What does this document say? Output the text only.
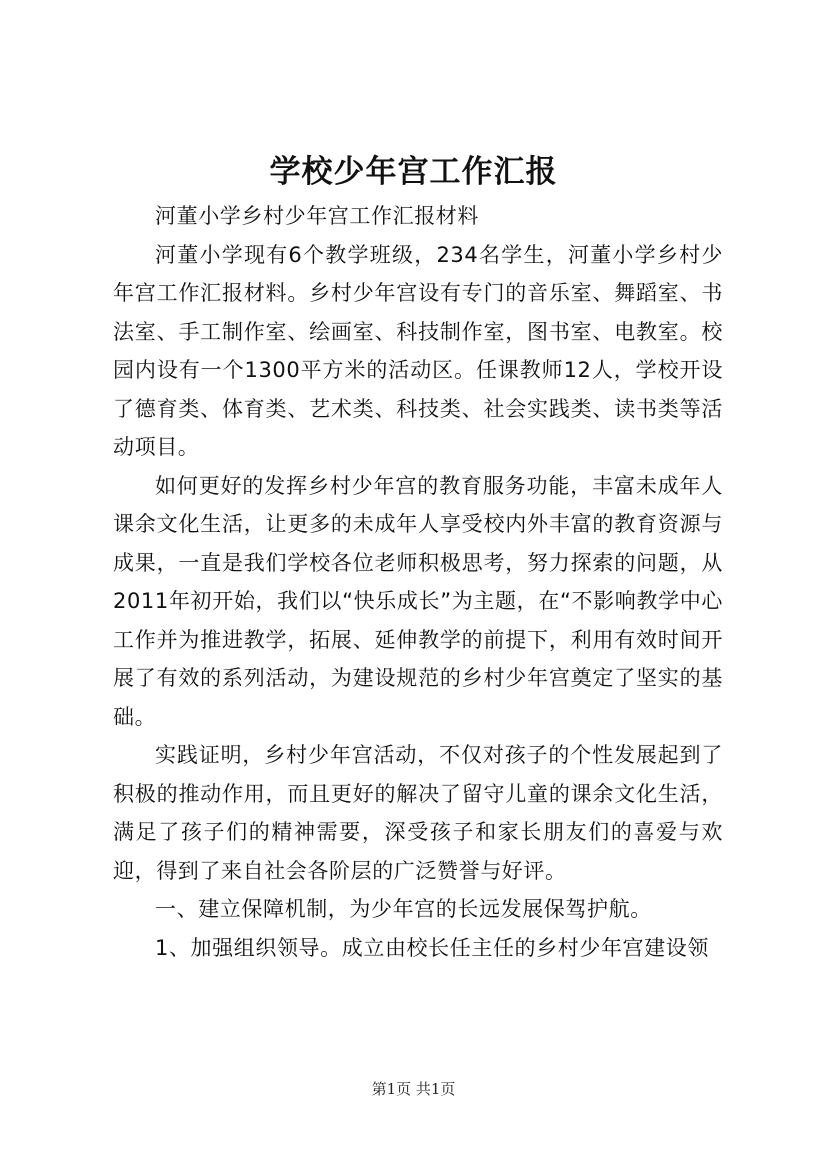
学校少年宫工作汇报

河董小学乡村少年宫工作汇报材料

河董小学现有6个教学班级，234名学生，河董小学乡村少年宫工作汇报材料。乡村少年宫设有专门的音乐室、舞蹈室、书法室、手工制作室、绘画室、科技制作室，图书室、电教室。校园内设有一个1300平方米的活动区。任课教师12人，学校开设了德育类、体育类、艺术类、科技类、社会实践类、读书类等活动项目。

如何更好的发挥乡村少年宫的教育服务功能，丰富未成年人课余文化生活，让更多的未成年人享受校内外丰富的教育资源与成果，一直是我们学校各位老师积极思考，努力探索的问题，从2011年初开始，我们以“快乐成长”为主题，在“不影响教学中心工作并为推进教学，拓展、延伸教学的前提下，利用有效时间开展了有效的系列活动，为建设规范的乡村少年宫奠定了坚实的基础。

实践证明，乡村少年宫活动，不仅对孩子的个性发展起到了积极的推动作用，而且更好的解决了留守儿童的课余文化生活，满足了孩子们的精神需要，深受孩子和家长朋友们的喜爱与欢迎，得到了来自社会各阶层的广泛赞誉与好评。

一、建立保障机制，为少年宫的长远发展保驾护航。

1、加强组织领导。成立由校长任主任的乡村少年宫建设领

第1页 共1页
